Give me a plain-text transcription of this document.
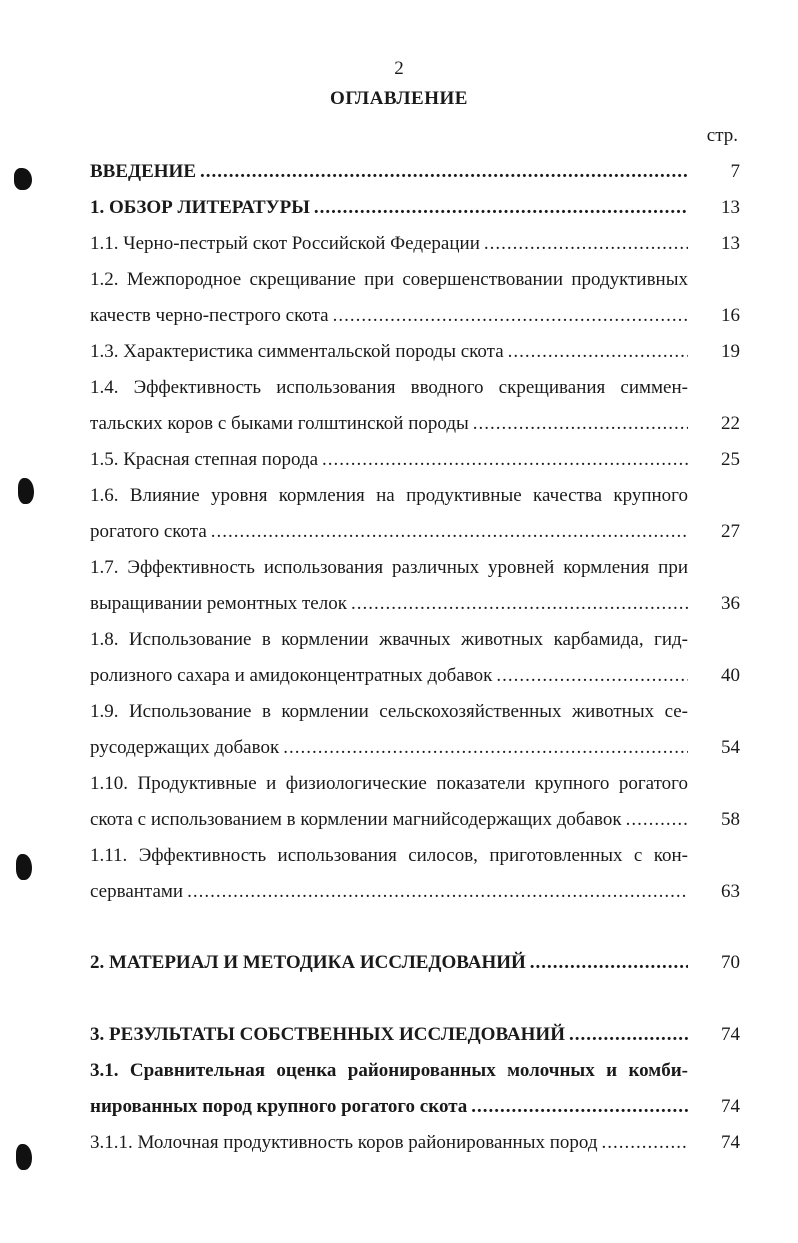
2
ОГЛАВЛЕНИЕ
стр.
ВВЕДЕНИЕ .....	7
1. ОБЗОР ЛИТЕРАТУРЫ .....	13
1.1. Черно-пестрый скот Российской Федерации .....	13
1.2. Межпородное скрещивание при совершенствовании продуктивных
качеств черно-пестрого скота .....	16
1.3. Характеристика симментальской породы скота .....	19
1.4. Эффективность использования вводного скрещивания симмен-
тальских коров с быками голштинской породы .....	22
1.5. Красная степная порода .....	25
1.6. Влияние уровня кормления на продуктивные качества крупного
рогатого скота .....	27
1.7. Эффективность использования различных уровней кормления при
выращивании ремонтных телок .....	36
1.8. Использование в кормлении жвачных животных карбамида, гид-
ролизного сахара и амидоконцентратных добавок .....	40
1.9. Использование в кормлении сельскохозяйственных животных се-
русодержащих добавок .....	54
1.10. Продуктивные и физиологические показатели крупного рогатого
скота с использованием в кормлении магнийсодержащих добавок .....	58
1.11. Эффективность использования силосов, приготовленных с кон-
сервантами .....	63
2. МАТЕРИАЛ И МЕТОДИКА ИССЛЕДОВАНИЙ .....	70
3. РЕЗУЛЬТАТЫ СОБСТВЕННЫХ ИССЛЕДОВАНИЙ .....	74
3.1. Сравнительная оценка районированных молочных и комби-
нированных пород крупного рогатого скота .....	74
3.1.1. Молочная продуктивность коров районированных пород .....	74
